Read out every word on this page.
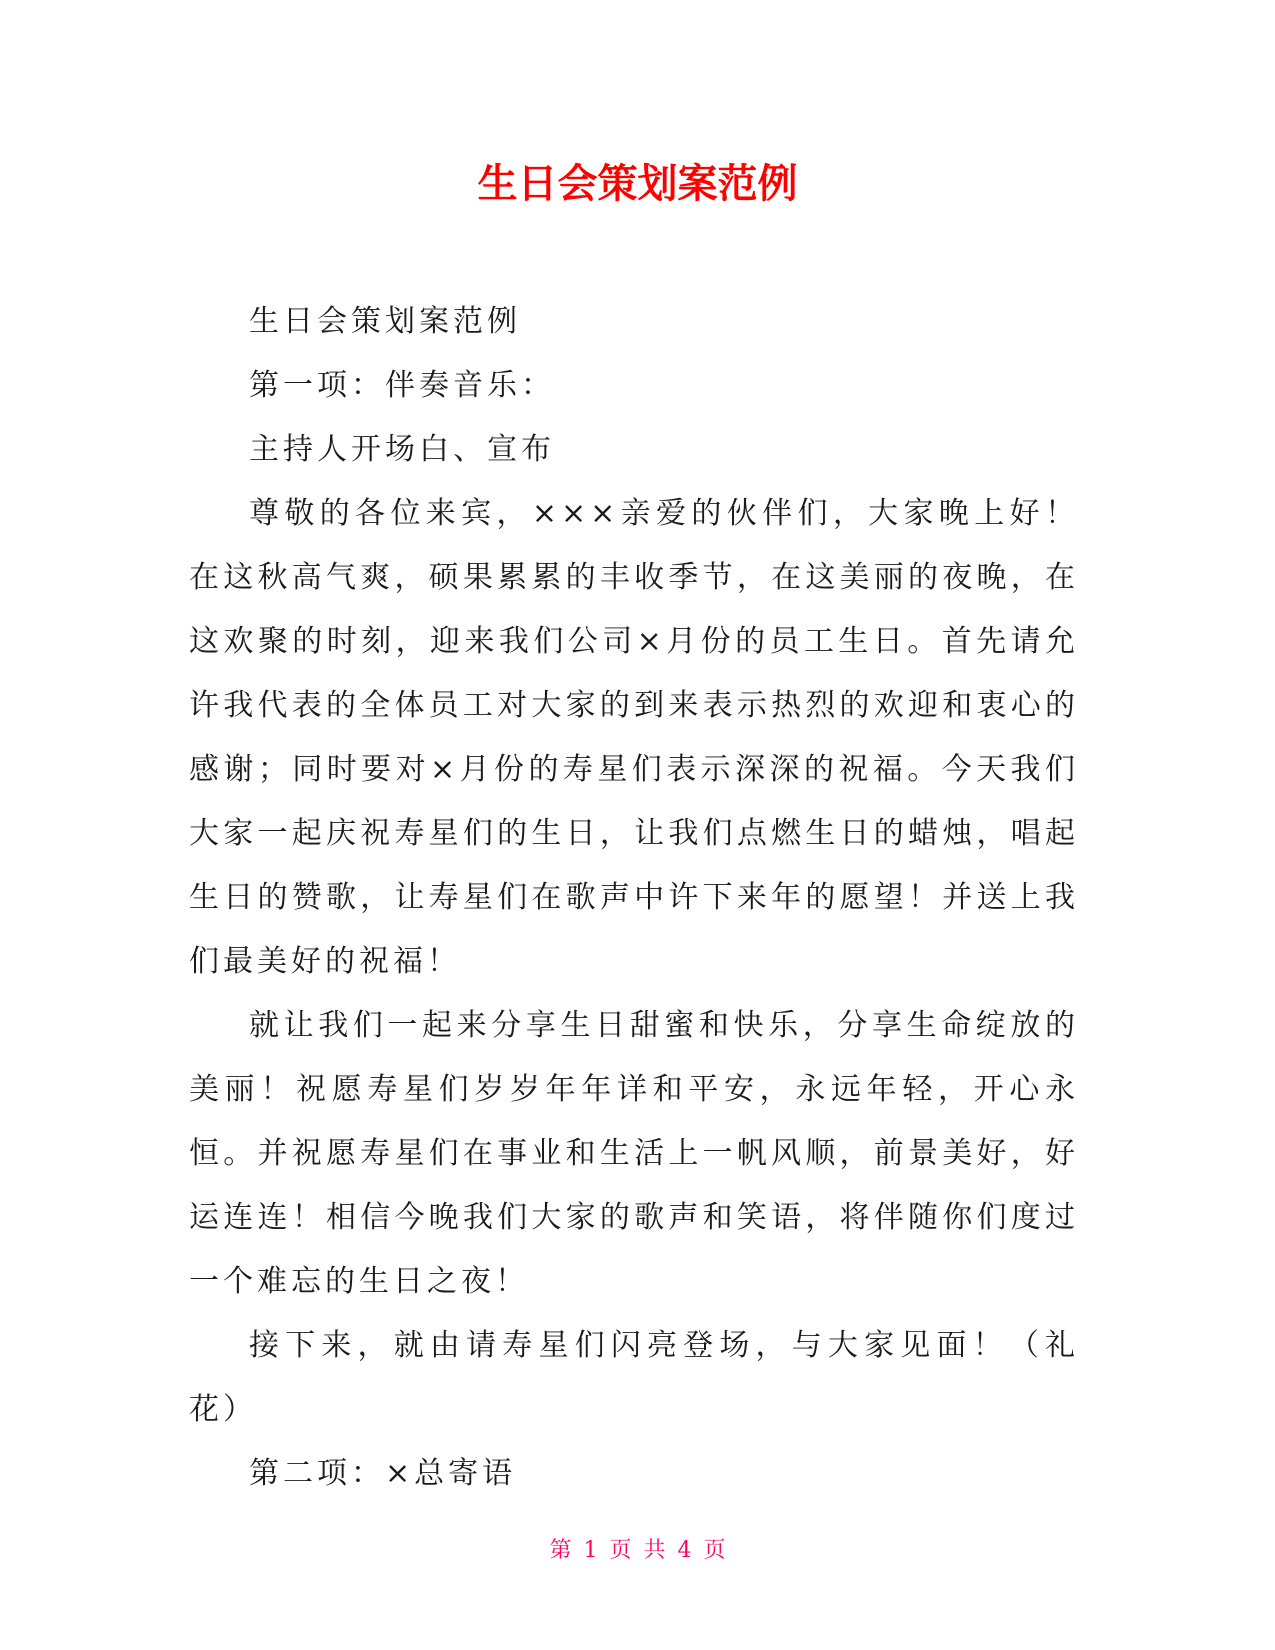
生日会策划案范例

生日会策划案范例

第一项：伴奏音乐：

主持人开场白、宣布

尊敬的各位来宾，×××亲爱的伙伴们，大家晚上好！在这秋高气爽，硕果累累的丰收季节，在这美丽的夜晚，在这欢聚的时刻，迎来我们公司×月份的员工生日。首先请允许我代表的全体员工对大家的到来表示热烈的欢迎和衷心的感谢；同时要对×月份的寿星们表示深深的祝福。今天我们大家一起庆祝寿星们的生日，让我们点燃生日的蜡烛，唱起生日的赞歌，让寿星们在歌声中许下来年的愿望！并送上我们最美好的祝福！

就让我们一起来分享生日甜蜜和快乐，分享生命绽放的美丽！祝愿寿星们岁岁年年详和平安，永远年轻，开心永恒。并祝愿寿星们在事业和生活上一帆风顺，前景美好，好运连连！相信今晚我们大家的歌声和笑语，将伴随你们度过一个难忘的生日之夜！

接下来，就由请寿星们闪亮登场，与大家见面！（礼花）

第二项：×总寄语

第 1 页 共 4 页
